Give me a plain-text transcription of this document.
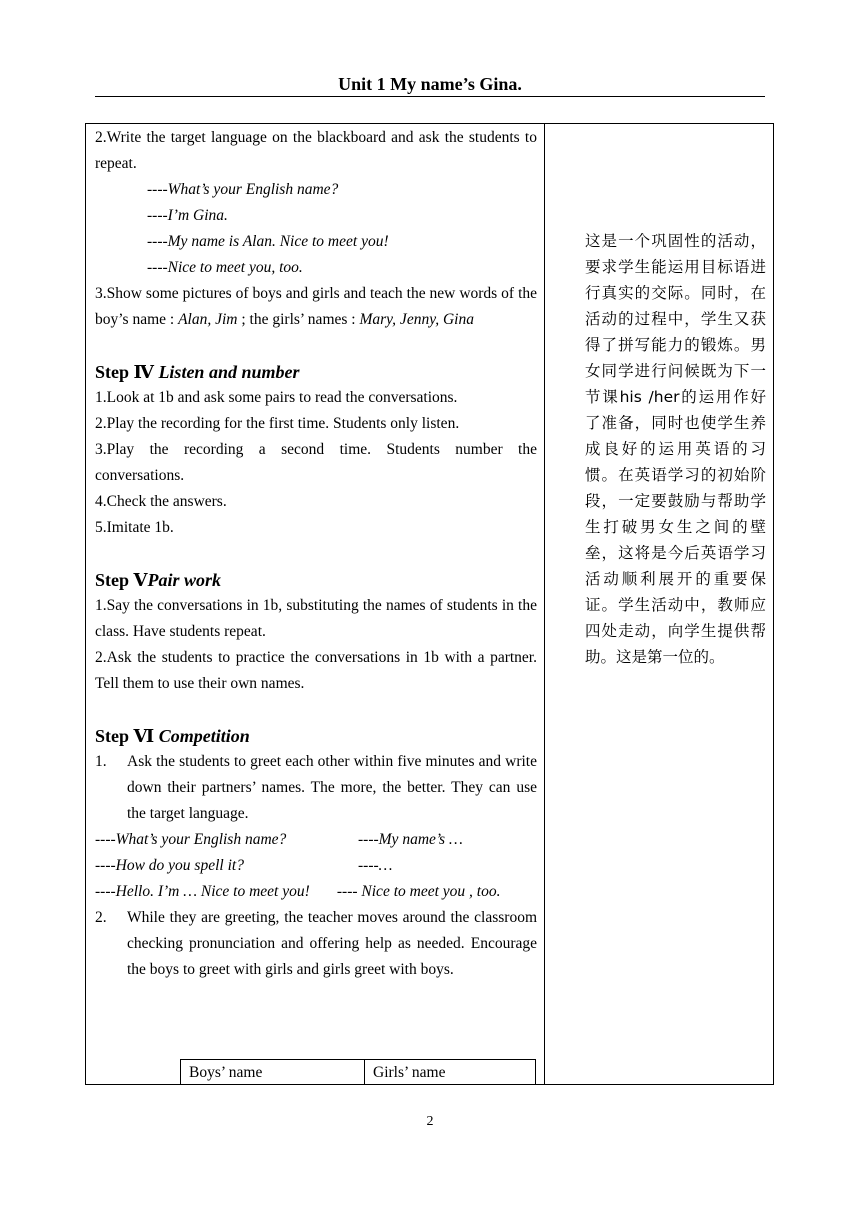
Unit 1 My name’s Gina.

2.Write the target language on the blackboard and ask the students to repeat.

----What’s your English name?

----I’m Gina.

----My name is Alan. Nice to meet you!

----Nice to meet you, too.

3.Show some pictures of boys and girls and teach the new words of the boy’s name : Alan, Jim ; the girls’ names : Mary, Jenny, Gina

Step Ⅳ Listen and number

1.Look at 1b and ask some pairs to read the conversations.

2.Play the recording for the first time. Students only listen.

3.Play the recording a second time. Students number the conversations.

4.Check the answers.

5.Imitate 1b.

Step ⅤPair work

1.Say the conversations in 1b, substituting the names of students in the class. Have students repeat.

2.Ask the students to practice the conversations in 1b with a partner. Tell them to use their own names.

Step Ⅵ Competition

1.	Ask the students to greet each other within five minutes and write down their partners’ names. The more, the better. They can use the target language.
----What’s your English name?	----My name’s …
----How do you spell it?	----…

----Hello. I’m … Nice to meet you!       ---- Nice to meet you , too.

2.	While they are greeting, the teacher moves around the classroom checking pronunciation and offering help as needed. Encourage the boys to greet with girls and girls greet with boys.
Boys’ name	Girls’ name

这是一个巩固性的活动，要求学生能运用目标语进行真实的交际。同时，在活动的过程中，学生又获得了拼写能力的锻炼。男女同学进行问候既为下一节课his /her的运用作好了准备，同时也使学生养成良好的运用英语的习惯。在英语学习的初始阶段，一定要鼓励与帮助学生打破男女生之间的壁垒，这将是今后英语学习活动顺利展开的重要保证。学生活动中，教师应四处走动，向学生提供帮助。这是第一位的。

2
